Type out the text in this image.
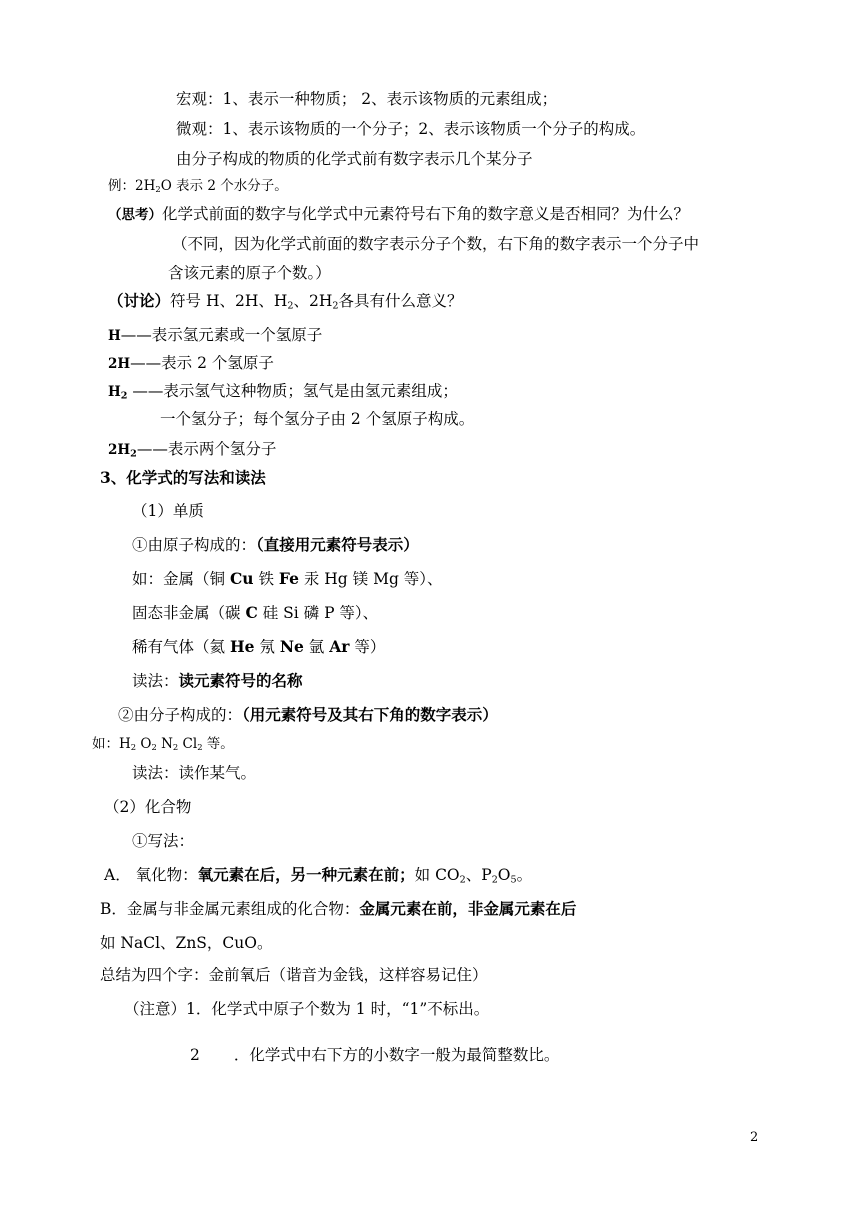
宏观：1、表示一种物质； 2、表示该物质的元素组成；
微观：1、表示该物质的一个分子；2、表示该物质一个分子的构成。
由分子构成的物质的化学式前有数字表示几个某分子
例：$2H_2O$ 表示 2 个水分子。
（思考）化学式前面的数字与化学式中元素符号右下角的数字意义是否相同？为什么？
（不同，因为化学式前面的数字表示分子个数，右下角的数字表示一个分子中
含该元素的原子个数。）
（讨论）符号 H、2H、$H_2$、$2H_2$各具有什么意义？
H——表示氢元素或一个氢原子
2H——表示 2 个氢原子
$H_2$ ——表示氢气这种物质；氢气是由氢元素组成；
一个氢分子；每个氢分子由 2 个氢原子构成。
$2H_2——$表示两个氢分子
3、化学式的写法和读法
（1）单质
①由原子构成的：（直接用元素符号表示）
如：金属（铜 Cu 铁 Fe 汞 Hg 镁 Mg 等）、
固态非金属（碳 C 硅 Si 磷 P 等）、
稀有气体（氦 He 氖 Ne 氩 Ar 等）
读法：读元素符号的名称
②由分子构成的：（用元素符号及其右下角的数字表示）
如：$H_2$ $O_2$ $N_2$ $Cl_2$ 等。
读法：读作某气。
（2）化合物
①写法：
A． 氧化物：氧元素在后，另一种元素在前；如 $CO_2$、$P_2O_5$。
B．金属与非金属元素组成的化合物：金属元素在前，非金属元素在后
如 NaCl、ZnS，CuO。
总结为四个字：金前氧后（谐音为金钱，这样容易记住）
（注意）1．化学式中原子个数为 1 时，“1”不标出。
2 ．化学式中右下方的小数字一般为最简整数比。
2
